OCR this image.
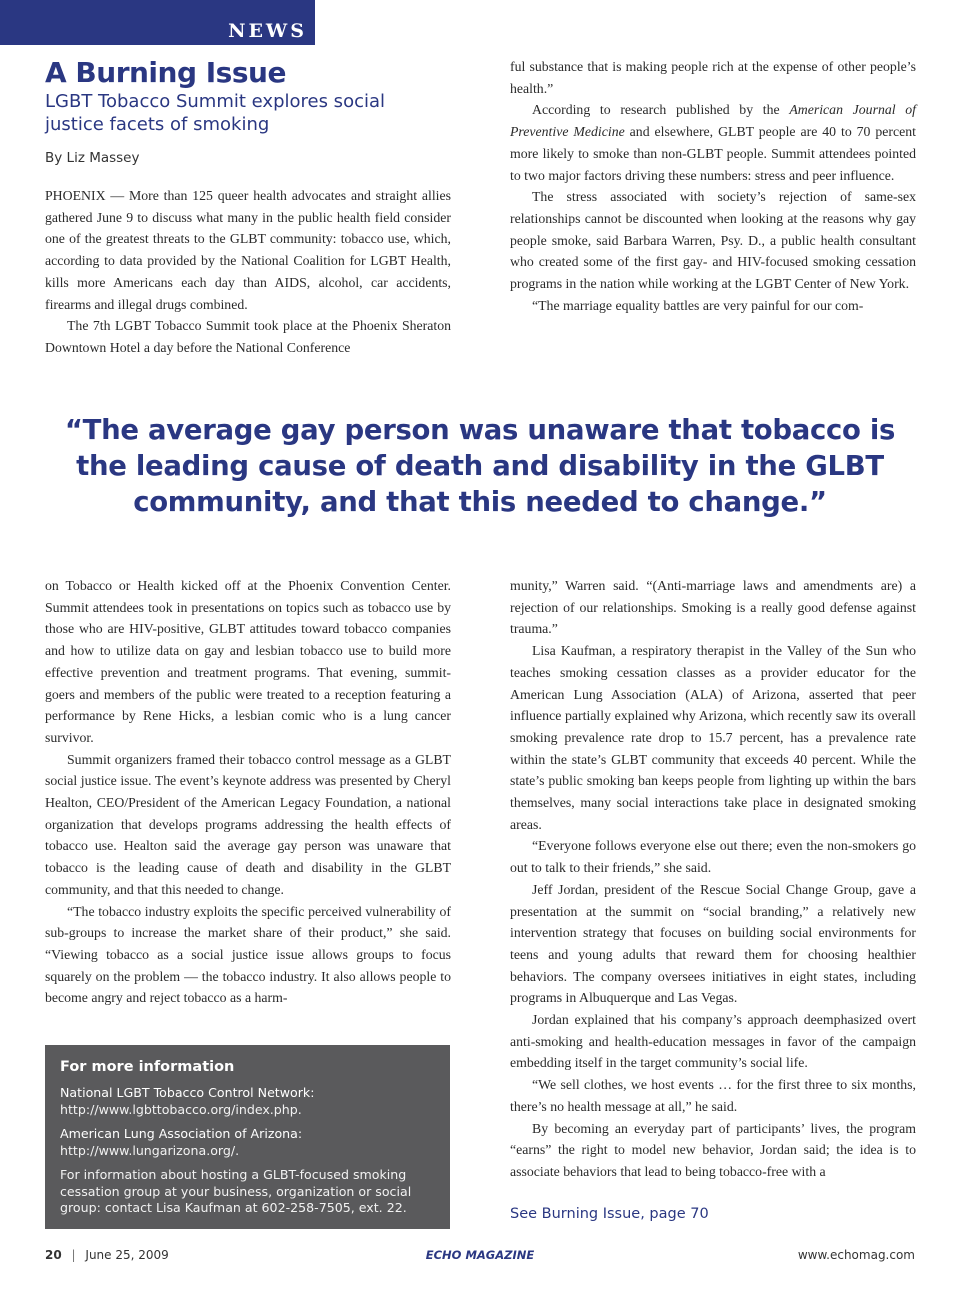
NEWS
A Burning Issue
LGBT Tobacco Summit explores social justice facets of smoking
By Liz Massey

PHOENIX — More than 125 queer health advocates and straight allies gathered June 9 to discuss what many in the public health field consider one of the greatest threats to the GLBT community: tobacco use, which, according to data provided by the National Coalition for LGBT Health, kills more Americans each day than AIDS, alcohol, car accidents, firearms and illegal drugs combined.

The 7th LGBT Tobacco Summit took place at the Phoenix Sheraton Downtown Hotel a day before the National Conference

ful substance that is making people rich at the expense of other people’s health.”

According to research published by the American Journal of Preventive Medicine and elsewhere, GLBT people are 40 to 70 percent more likely to smoke than non-GLBT people. Summit attendees pointed to two major factors driving these numbers: stress and peer influence.

The stress associated with society’s rejection of same-sex relationships cannot be discounted when looking at the reasons why gay people smoke, said Barbara Warren, Psy. D., a public health consultant who created some of the first gay- and HIV-focused smoking cessation programs in the nation while working at the LGBT Center of New York.

“The marriage equality battles are very painful for our com-

“The average gay person was unaware that tobacco is the leading cause of death and disability in the GLBT community, and that this needed to change.”

on Tobacco or Health kicked off at the Phoenix Convention Center. Summit attendees took in presentations on topics such as tobacco use by those who are HIV-positive, GLBT attitudes toward tobacco companies and how to utilize data on gay and lesbian tobacco use to build more effective prevention and treatment programs. That evening, summit-goers and members of the public were treated to a reception featuring a performance by Rene Hicks, a lesbian comic who is a lung cancer survivor.

Summit organizers framed their tobacco control message as a GLBT social justice issue. The event’s keynote address was presented by Cheryl Healton, CEO/President of the American Legacy Foundation, a national organization that develops programs addressing the health effects of tobacco use. Healton said the average gay person was unaware that tobacco is the leading cause of death and disability in the GLBT community, and that this needed to change.

“The tobacco industry exploits the specific perceived vulnerability of sub-groups to increase the market share of their product,” she said. “Viewing tobacco as a social justice issue allows groups to focus squarely on the problem — the tobacco industry. It also allows people to become angry and reject tobacco as a harm-

munity,” Warren said. “(Anti-marriage laws and amendments are) a rejection of our relationships. Smoking is a really good defense against trauma.”

Lisa Kaufman, a respiratory therapist in the Valley of the Sun who teaches smoking cessation classes as a provider educator for the American Lung Association (ALA) of Arizona, asserted that peer influence partially explained why Arizona, which recently saw its overall smoking prevalence rate drop to 15.7 percent, has a prevalence rate within the state’s GLBT community that exceeds 40 percent. While the state’s public smoking ban keeps people from lighting up within the bars themselves, many social interactions take place in designated smoking areas.

“Everyone follows everyone else out there; even the non-smokers go out to talk to their friends,” she said.

Jeff Jordan, president of the Rescue Social Change Group, gave a presentation at the summit on “social branding,” a relatively new intervention strategy that focuses on building social environments for teens and young adults that reward them for choosing healthier behaviors. The company oversees initiatives in eight states, including programs in Albuquerque and Las Vegas.

Jordan explained that his company’s approach deemphasized overt anti-smoking and health-education messages in favor of the campaign embedding itself in the target community’s social life.

“We sell clothes, we host events … for the first three to six months, there’s no health message at all,” he said.

By becoming an everyday part of participants’ lives, the program “earns” the right to model new behavior, Jordan said; the idea is to associate behaviors that lead to being tobacco-free with a

For more information

National LGBT Tobacco Control Network: http://www.lgbttobacco.org/index.php.

American Lung Association of Arizona: http://www.lungarizona.org/.

For information about hosting a GLBT-focused smoking cessation group at your business, organization or social group: contact Lisa Kaufman at 602-258-7505, ext. 22.	See Burning Issue, page 70
20 | June 25, 2009	ECHO MAGAZINE	www.echomag.com
